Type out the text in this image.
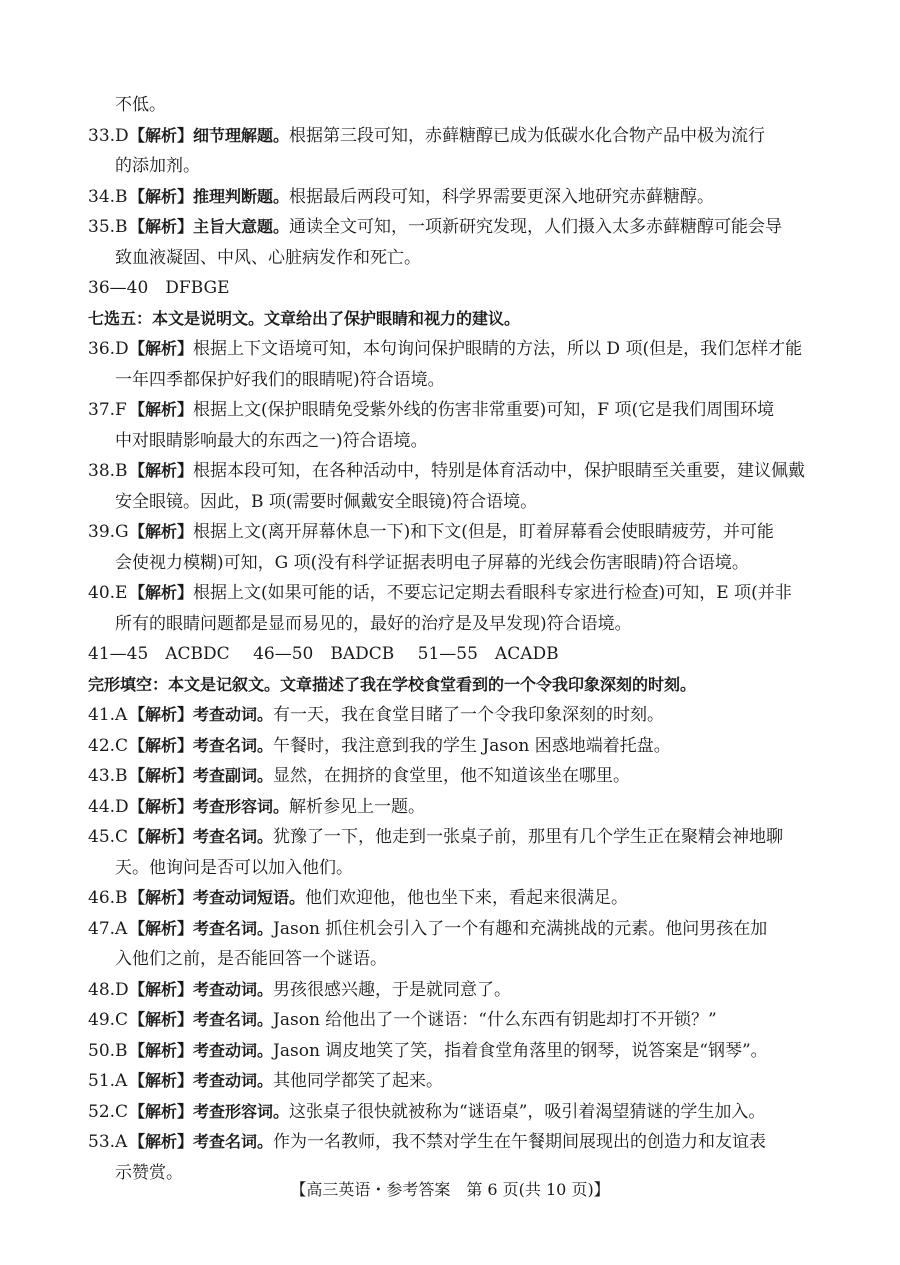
不低。
33.D 【解析】细节理解题。根据第三段可知，赤藓糖醇已成为低碳水化合物产品中极为流行
的添加剂。
34.B 【解析】推理判断题。根据最后两段可知，科学界需要更深入地研究赤藓糖醇。
35.B 【解析】主旨大意题。通读全文可知，一项新研究发现，人们摄入太多赤藓糖醇可能会导
致血液凝固、中风、心脏病发作和死亡。
36—40　DFBGE
七选五：本文是说明文。文章给出了保护眼睛和视力的建议。
36.D 【解析】根据上下文语境可知，本句询问保护眼睛的方法，所以 D 项(但是，我们怎样才能
一年四季都保护好我们的眼睛呢)符合语境。
37.F 【解析】根据上文(保护眼睛免受紫外线的伤害非常重要)可知，F 项(它是我们周围环境
中对眼睛影响最大的东西之一)符合语境。
38.B 【解析】根据本段可知，在各种活动中，特别是体育活动中，保护眼睛至关重要，建议佩戴
安全眼镜。因此，B 项(需要时佩戴安全眼镜)符合语境。
39.G 【解析】根据上文(离开屏幕休息一下)和下文(但是，盯着屏幕看会使眼睛疲劳，并可能
会使视力模糊)可知，G 项(没有科学证据表明电子屏幕的光线会伤害眼睛)符合语境。
40.E 【解析】根据上文(如果可能的话，不要忘记定期去看眼科专家进行检查)可知，E 项(并非
所有的眼睛问题都是显而易见的，最好的治疗是及早发现)符合语境。
41—45　ACBDC 46—50　BADCB 51—55　ACADB
完形填空：本文是记叙文。文章描述了我在学校食堂看到的一个令我印象深刻的时刻。
41.A 【解析】考查动词。有一天，我在食堂目睹了一个令我印象深刻的时刻。
42.C 【解析】考查名词。午餐时，我注意到我的学生 Jason 困惑地端着托盘。
43.B 【解析】考查副词。显然，在拥挤的食堂里，他不知道该坐在哪里。
44.D 【解析】考查形容词。解析参见上一题。
45.C 【解析】考查名词。犹豫了一下，他走到一张桌子前，那里有几个学生正在聚精会神地聊
天。他询问是否可以加入他们。
46.B 【解析】考查动词短语。他们欢迎他，他也坐下来，看起来很满足。
47.A 【解析】考查名词。Jason 抓住机会引入了一个有趣和充满挑战的元素。他问男孩在加
入他们之前，是否能回答一个谜语。
48.D 【解析】考查动词。男孩很感兴趣，于是就同意了。
49.C 【解析】考查名词。Jason 给他出了一个谜语：“什么东西有钥匙却打不开锁？”
50.B 【解析】考查动词。Jason 调皮地笑了笑，指着食堂角落里的钢琴，说答案是“钢琴”。
51.A 【解析】考查动词。其他同学都笑了起来。
52.C 【解析】考查形容词。这张桌子很快就被称为“谜语桌”，吸引着渴望猜谜的学生加入。
53.A 【解析】考查名词。作为一名教师，我不禁对学生在午餐期间展现出的创造力和友谊表
示赞赏。
【高三英语・参考答案　第 6 页(共 10 页)】
